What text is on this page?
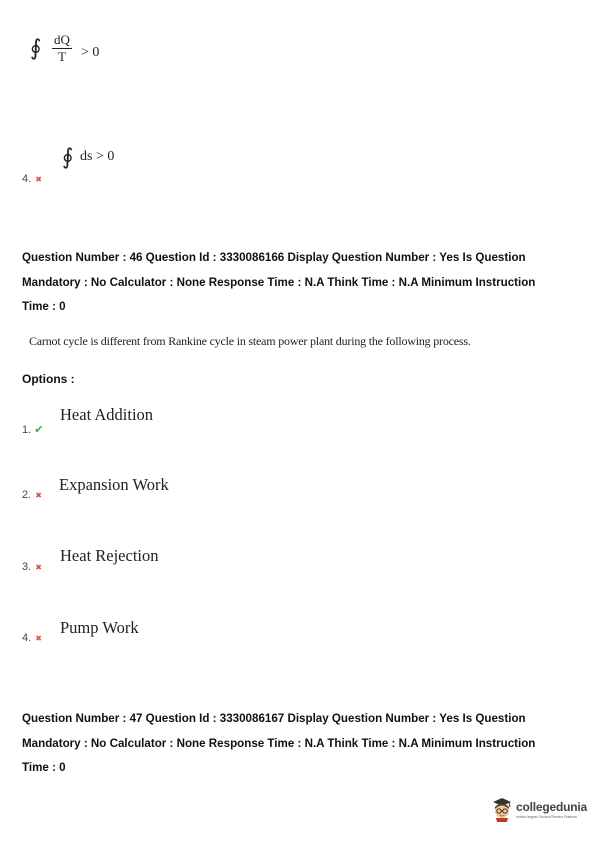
∮ dQ
T > 0
4. ✖
∮ ds > 0
Question Number : 46 Question Id : 3330086166 Display Question Number : Yes Is Question
Mandatory : No Calculator : None Response Time : N.A Think Time : N.A Minimum Instruction
Time : 0
Carnot cycle is different from Rankine cycle in steam power plant during the following process.
Options :
1. ✔
Heat Addition
2. ✖
Expansion Work
3. ✖
Heat Rejection
4. ✖
Pump Work
Question Number : 47 Question Id : 3330086167 Display Question Number : Yes Is Question
Mandatory : No Calculator : None Response Time : N.A Think Time : N.A Minimum Instruction
Time : 0
collegedunia
India's largest Student Review Platform
